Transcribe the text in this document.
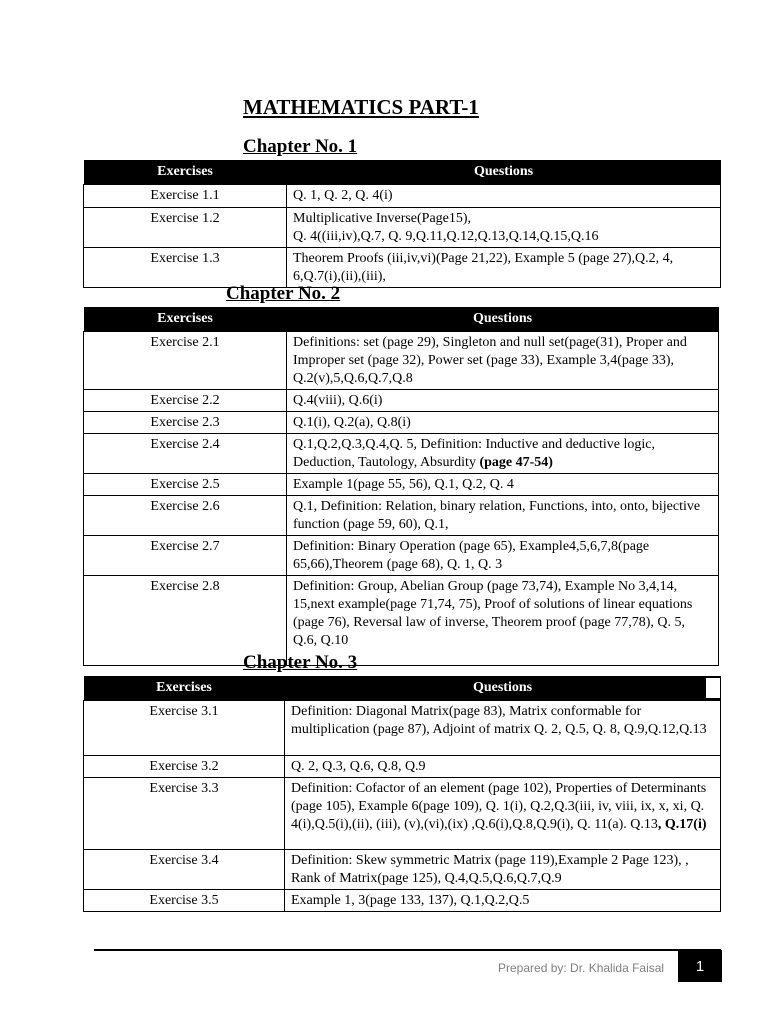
MATHEMATICS PART-1
Chapter No. 1
Exercises	Questions
Exercise 1.1	Q. 1, Q. 2, Q. 4(i)
Exercise 1.2	Multiplicative Inverse(Page15),
Q. 4((iii,iv),Q.7, Q. 9,Q.11,Q.12,Q.13,Q.14,Q.15,Q.16
Exercise 1.3	Theorem Proofs (iii,iv,vi)(Page 21,22), Example 5 (page 27),Q.2, 4, 6,Q.7(i),(ii),(iii),
Chapter No. 2
Exercises	Questions
Exercise 2.1	Definitions: set (page 29), Singleton and null set(page(31), Proper and Improper set (page 32), Power set (page 33), Example 3,4(page 33), Q.2(v),5,Q.6,Q.7,Q.8
Exercise 2.2	Q.4(viii), Q.6(i)
Exercise 2.3	Q.1(i), Q.2(a), Q.8(i)
Exercise 2.4	Q.1,Q.2,Q.3,Q.4,Q. 5, Definition: Inductive and deductive logic, Deduction, Tautology, Absurdity (page 47-54)
Exercise 2.5	Example 1(page 55, 56), Q.1, Q.2, Q. 4
Exercise 2.6	Q.1, Definition: Relation, binary relation, Functions, into, onto, bijective function (page 59, 60), Q.1,
Exercise 2.7	Definition: Binary Operation (page 65), Example4,5,6,7,8(page 65,66),Theorem (page 68), Q. 1, Q. 3
Exercise 2.8	Definition: Group, Abelian Group (page 73,74), Example No 3,4,14, 15,next example(page 71,74, 75), Proof of solutions of linear equations (page 76), Reversal law of inverse, Theorem proof (page 77,78), Q. 5, Q.6, Q.10
Chapter No. 3
Exercises	Questions
Exercise 3.1	Definition: Diagonal Matrix(page 83), Matrix conformable for multiplication (page 87), Adjoint of matrix Q. 2, Q.5, Q. 8, Q.9,Q.12,Q.13
Exercise 3.2	Q. 2, Q.3, Q.6, Q.8, Q.9
Exercise 3.3	Definition: Cofactor of an element (page 102), Properties of Determinants (page 105), Example 6(page 109), Q. 1(i), Q.2,Q.3(iii, iv, viii, ix, x, xi, Q. 4(i),Q.5(i),(ii), (iii), (v),(vi),(ix) ,Q.6(i),Q.8,Q.9(i), Q. 11(a). Q.13, Q.17(i)
Exercise 3.4	Definition: Skew symmetric Matrix (page 119),Example 2 Page 123), , Rank of Matrix(page 125), Q.4,Q.5,Q.6,Q.7,Q.9
Exercise 3.5	Example 1, 3(page 133, 137), Q.1,Q.2,Q.5
Prepared by: Dr. Khalida Faisal	1
